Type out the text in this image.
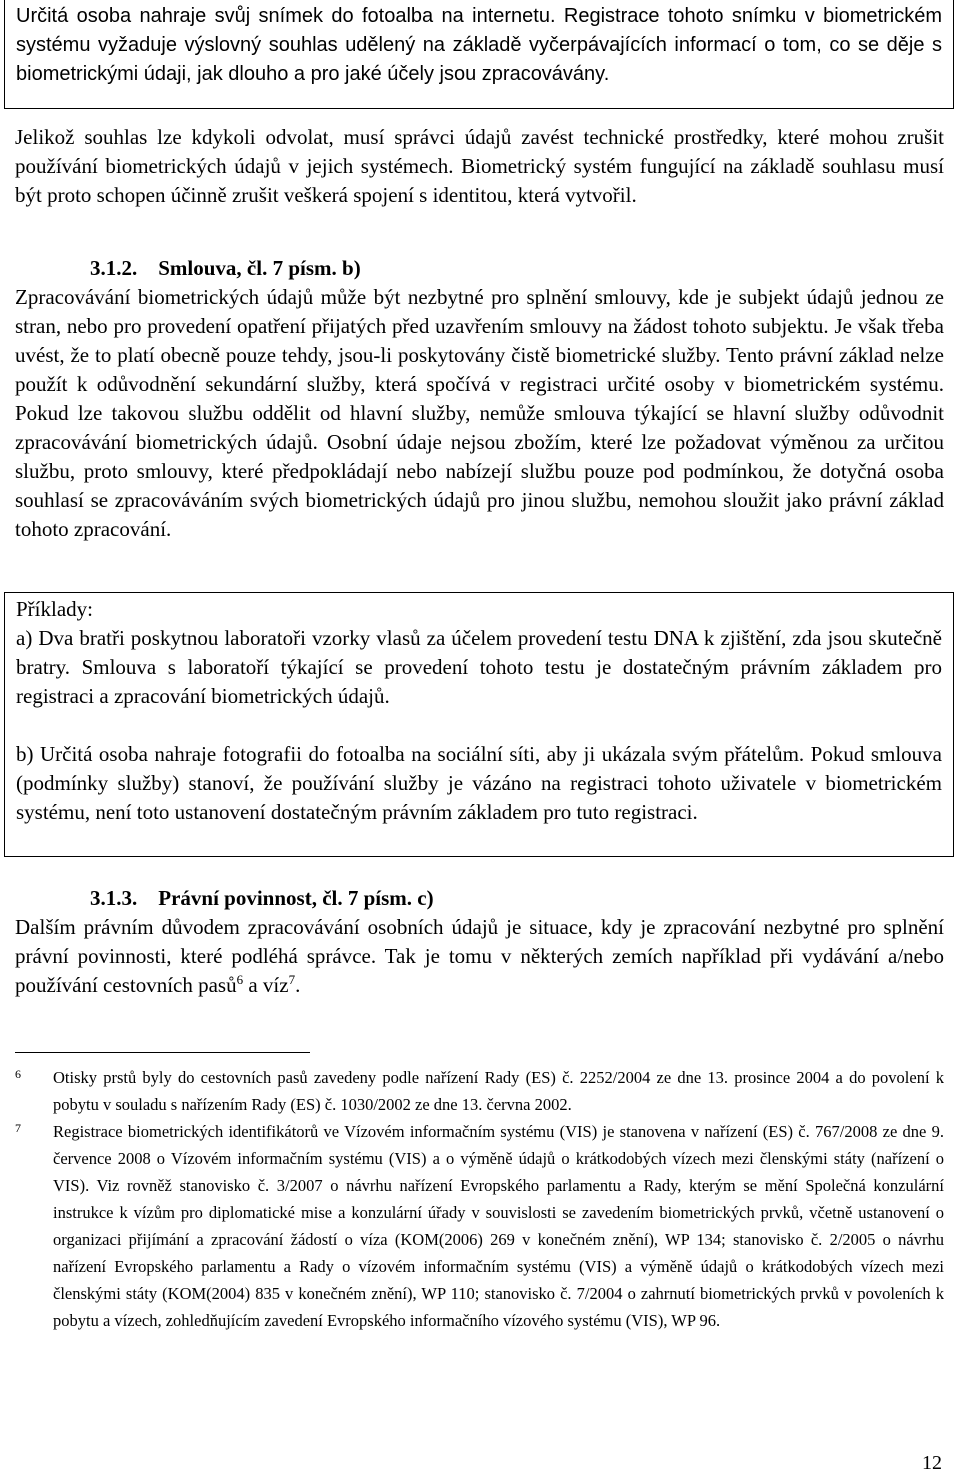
Určitá osoba nahraje svůj snímek do fotoalba na internetu. Registrace tohoto snímku v biometrickém systému vyžaduje výslovný souhlas udělený na základě vyčerpávajících informací o tom, co se děje s biometrickými údaji, jak dlouho a pro jaké účely jsou zpracovávány.

Jelikož souhlas lze kdykoli odvolat, musí správci údajů zavést technické prostředky, které mohou zrušit používání biometrických údajů v jejich systémech. Biometrický systém fungující na základě souhlasu musí být proto schopen účinně zrušit veškerá spojení s identitou, která vytvořil.

3.1.2. Smlouva, čl. 7 písm. b)

Zpracovávání biometrických údajů může být nezbytné pro splnění smlouvy, kde je subjekt údajů jednou ze stran, nebo pro provedení opatření přijatých před uzavřením smlouvy na žádost tohoto subjektu. Je však třeba uvést, že to platí obecně pouze tehdy, jsou-li poskytovány čistě biometrické služby. Tento právní základ nelze použít k odůvodnění sekundární služby, která spočívá v registraci určité osoby v biometrickém systému. Pokud lze takovou službu oddělit od hlavní služby, nemůže smlouva týkající se hlavní služby odůvodnit zpracovávání biometrických údajů. Osobní údaje nejsou zbožím, které lze požadovat výměnou za určitou službu, proto smlouvy, které předpokládají nebo nabízejí službu pouze pod podmínkou, že dotyčná osoba souhlasí se zpracováváním svých biometrických údajů pro jinou službu, nemohou sloužit jako právní základ tohoto zpracování.

Příklady:

a) Dva bratři poskytnou laboratoři vzorky vlasů za účelem provedení testu DNA k zjištění, zda jsou skutečně bratry. Smlouva s laboratoří týkající se provedení tohoto testu je dostatečným právním základem pro registraci a zpracování biometrických údajů.

b) Určitá osoba nahraje fotografii do fotoalba na sociální síti, aby ji ukázala svým přátelům. Pokud smlouva (podmínky služby) stanoví, že používání služby je vázáno na registraci tohoto uživatele v biometrickém systému, není toto ustanovení dostatečným právním základem pro tuto registraci.

3.1.3. Právní povinnost, čl. 7 písm. c)

Dalším právním důvodem zpracovávání osobních údajů je situace, kdy je zpracování nezbytné pro splnění právní povinnosti, které podléhá správce. Tak je tomu v některých zemích například při vydávání a/nebo používání cestovních pasů$^6$ a víz$^7$.

6	Otisky prstů byly do cestovních pasů zavedeny podle nařízení Rady (ES) č. 2252/2004 ze dne 13. prosince 2004 a do povolení k pobytu v souladu s nařízením Rady (ES) č. 1030/2002 ze dne 13. června 2002.
7	Registrace biometrických identifikátorů ve Vízovém informačním systému (VIS) je stanovena v nařízení (ES) č. 767/2008 ze dne 9. července 2008 o Vízovém informačním systému (VIS) a o výměně údajů o krátkodobých vízech mezi členskými státy (nařízení o VIS). Viz rovněž stanovisko č. 3/2007 o návrhu nařízení Evropského parlamentu a Rady, kterým se mění Společná konzulární instrukce k vízům pro diplomatické mise a konzulární úřady v souvislosti se zavedením biometrických prvků, včetně ustanovení o organizaci přijímání a zpracování žádostí o víza (KOM(2006) 269 v konečném znění), WP 134; stanovisko č. 2/2005 o návrhu nařízení Evropského parlamentu a Rady o vízovém informačním systému (VIS) a výměně údajů o krátkodobých vízech mezi členskými státy (KOM(2004) 835 v konečném znění), WP 110; stanovisko č. 7/2004 o zahrnutí biometrických prvků v povoleních k pobytu a vízech, zohledňujícím zavedení Evropského informačního vízového systému (VIS), WP 96.
12
